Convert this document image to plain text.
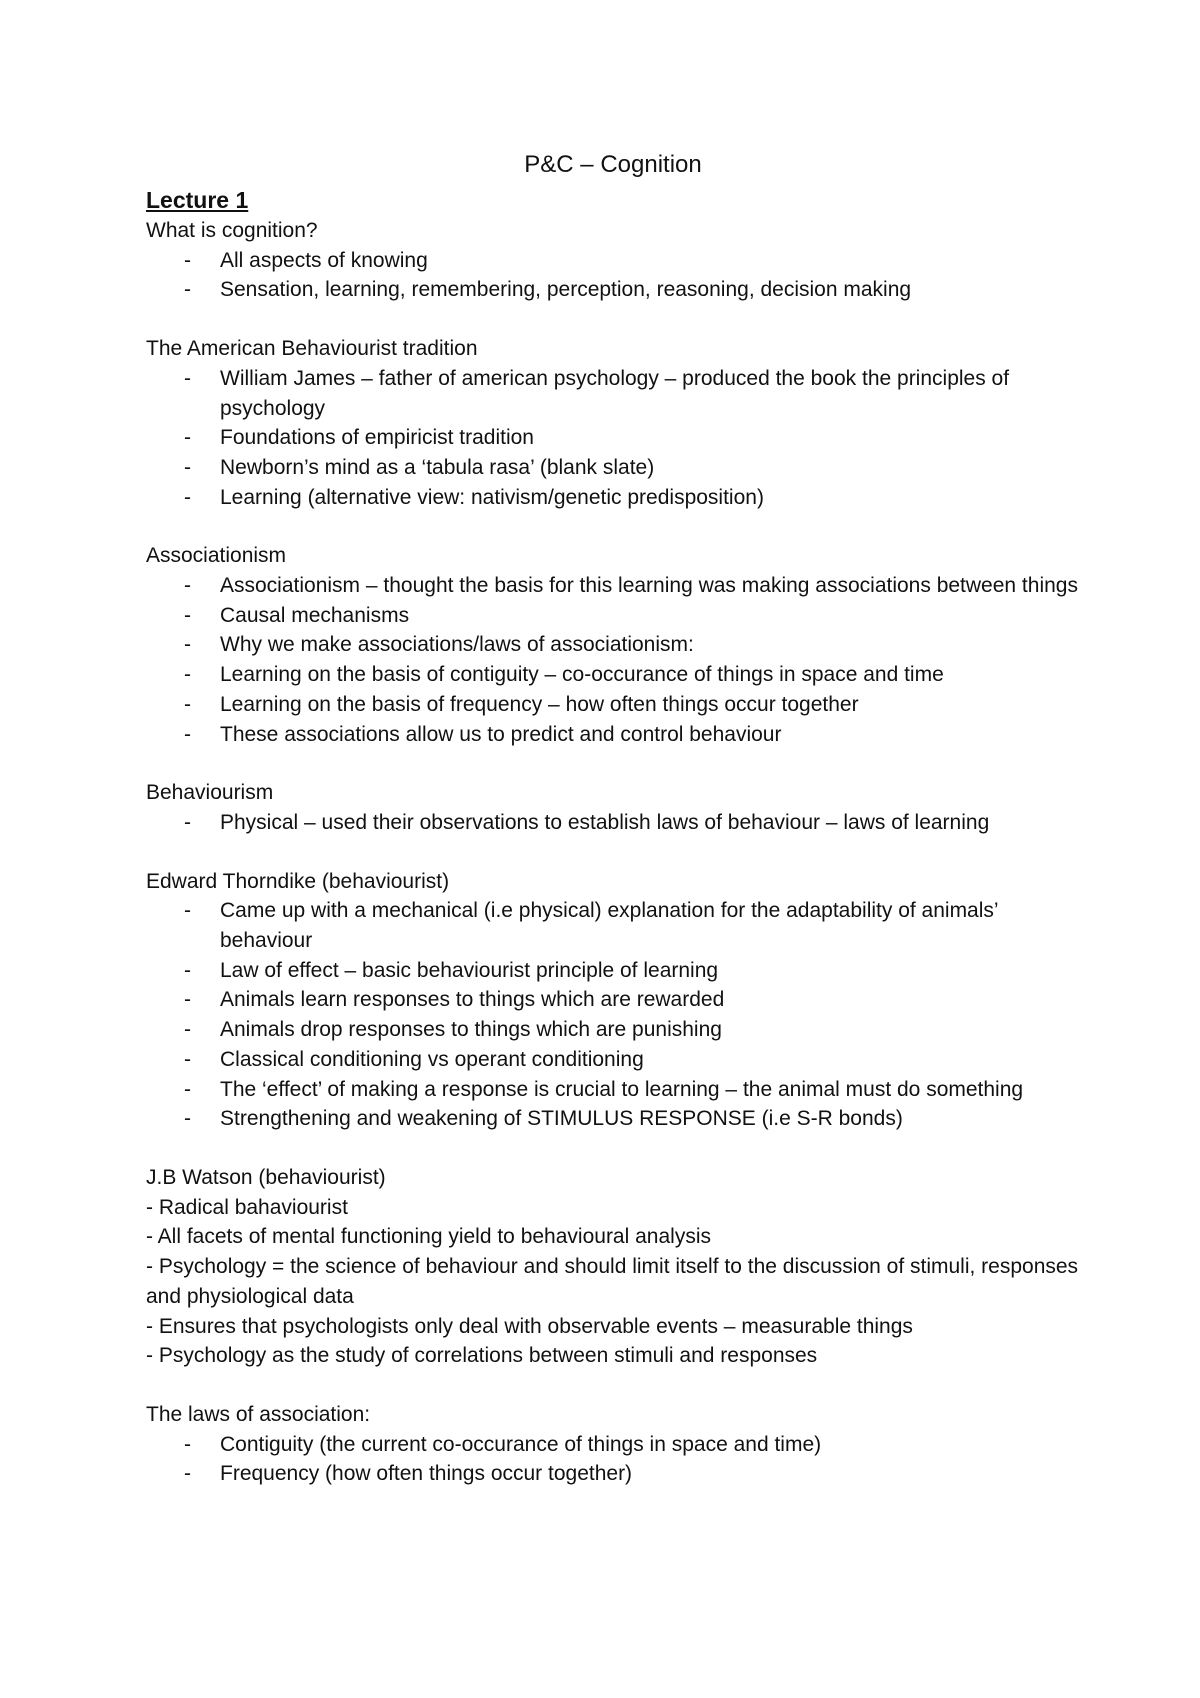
P&C – Cognition
Lecture 1
What is cognition?
- All aspects of knowing
- Sensation, learning, remembering, perception, reasoning, decision making
The American Behaviourist tradition
- William James – father of american psychology – produced the book the principles of psychology
- Foundations of empiricist tradition
- Newborn’s mind as a ‘tabula rasa’ (blank slate)
- Learning (alternative view: nativism/genetic predisposition)
Associationism
- Associationism – thought the basis for this learning was making associations between things
- Causal mechanisms
- Why we make associations/laws of associationism:
- Learning on the basis of contiguity – co-occurance of things in space and time
- Learning on the basis of frequency – how often things occur together
- These associations allow us to predict and control behaviour
Behaviourism
- Physical – used their observations to establish laws of behaviour – laws of learning
Edward Thorndike (behaviourist)
- Came up with a mechanical (i.e physical) explanation for the adaptability of animals’ behaviour
- Law of effect – basic behaviourist principle of learning
- Animals learn responses to things which are rewarded
- Animals drop responses to things which are punishing
- Classical conditioning vs operant conditioning
- The ‘effect’ of making a response is crucial to learning – the animal must do something
- Strengthening and weakening of STIMULUS RESPONSE (i.e S-R bonds)
J.B Watson (behaviourist)
- Radical bahaviourist
- All facets of mental functioning yield to behavioural analysis
- Psychology = the science of behaviour and should limit itself to the discussion of stimuli, responses and physiological data
- Ensures that psychologists only deal with observable events – measurable things
- Psychology as the study of correlations between stimuli and responses
The laws of association:
- Contiguity (the current co-occurance of things in space and time)
- Frequency (how often things occur together)
